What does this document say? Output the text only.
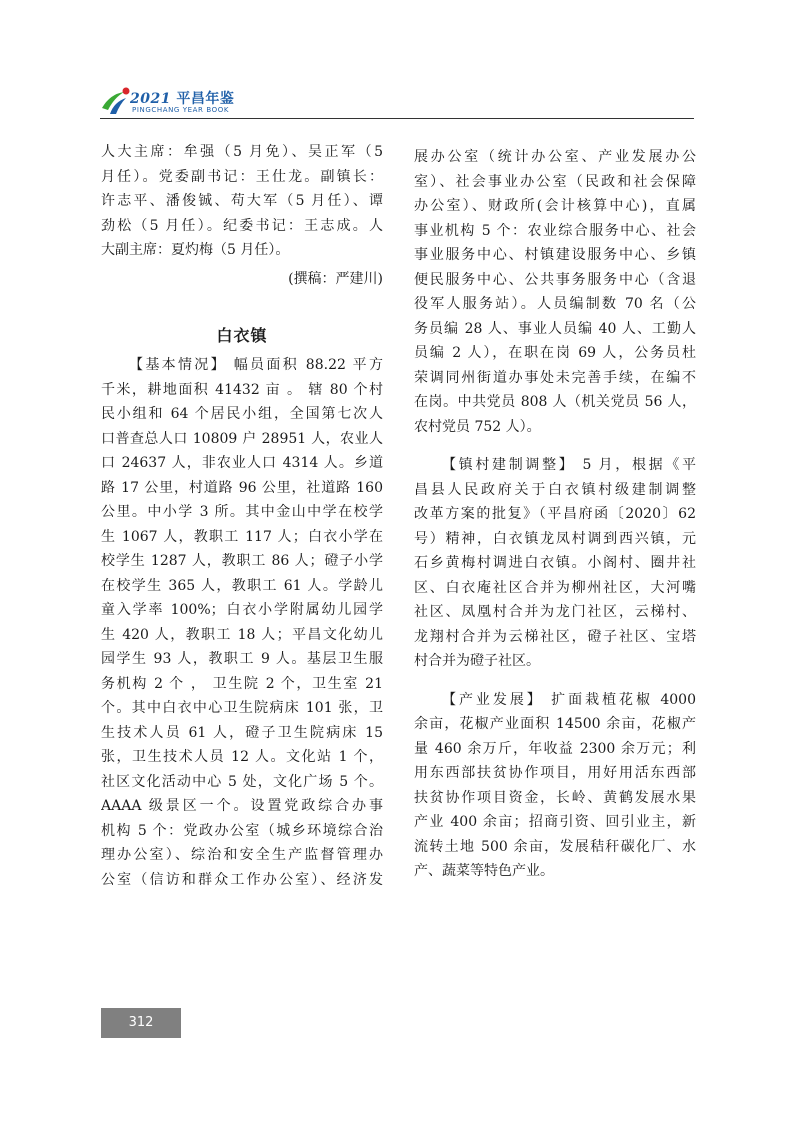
2021 平昌年鉴
PINGCHANG YEAR BOOK
人大主席：牟强（5 月免）、吴正军（5
月任）。党委副书记：王仕龙。副镇长：
许志平、潘俊铖、苟大军（5 月任）、谭
劲松（5 月任）。纪委书记：王志成。人
大副主席：夏灼梅（5 月任）。
(撰稿：严建川)
白衣镇
【基本情况】 幅员面积 88.22 平方
千米，耕地面积 41432 亩 。 辖 80 个村
民小组和 64 个居民小组，全国第七次人
口普查总人口 10809 户 28951 人，农业人
口 24637 人，非农业人口 4314 人。乡道
路 17 公里，村道路 96 公里，社道路 160
公里。中小学 3 所。其中金山中学在校学
生 1067 人，教职工 117 人；白衣小学在
校学生 1287 人，教职工 86 人；磴子小学
在校学生 365 人，教职工 61 人。学龄儿
童入学率 100%；白衣小学附属幼儿园学
生 420 人，教职工 18 人；平昌文化幼儿
园学生 93 人，教职工 9 人。基层卫生服
务机构 2 个 ， 卫生院 2 个，卫生室 21
个。其中白衣中心卫生院病床 101 张，卫
生技术人员 61 人，磴子卫生院病床 15
张，卫生技术人员 12 人。文化站 1 个，
社区文化活动中心 5 处，文化广场 5 个。
AAAA 级景区一个。设置党政综合办事
机构 5 个：党政办公室（城乡环境综合治
理办公室）、综治和安全生产监督管理办
公室（信访和群众工作办公室）、经济发
展办公室（统计办公室、产业发展办公
室）、社会事业办公室（民政和社会保障
办公室）、财政所(会计核算中心)，直属
事业机构 5 个：农业综合服务中心、社会
事业服务中心、村镇建设服务中心、乡镇
便民服务中心、公共事务服务中心（含退
役军人服务站）。人员编制数 70 名（公
务员编 28 人、事业人员编 40 人、工勤人
员编 2 人），在职在岗 69 人，公务员杜
荣调同州街道办事处未完善手续，在编不
在岗。中共党员 808 人（机关党员 56 人，
农村党员 752 人）。
【镇村建制调整】 5 月，根据《平
昌县人民政府关于白衣镇村级建制调整
改革方案的批复》（平昌府函〔2020〕62
号）精神，白衣镇龙凤村调到西兴镇，元
石乡黄梅村调进白衣镇。小阁村、圈井社
区、白衣庵社区合并为柳州社区，大河嘴
社区、凤凰村合并为龙门社区，云梯村、
龙翔村合并为云梯社区，磴子社区、宝塔
村合并为磴子社区。
【产业发展】 扩面栽植花椒 4000
余亩，花椒产业面积 14500 余亩，花椒产
量 460 余万斤，年收益 2300 余万元；利
用东西部扶贫协作项目，用好用活东西部
扶贫协作项目资金，长岭、黄鹤发展水果
产业 400 余亩；招商引资、回引业主，新
流转土地 500 余亩，发展秸秆碳化厂、水
产、蔬菜等特色产业。
312
